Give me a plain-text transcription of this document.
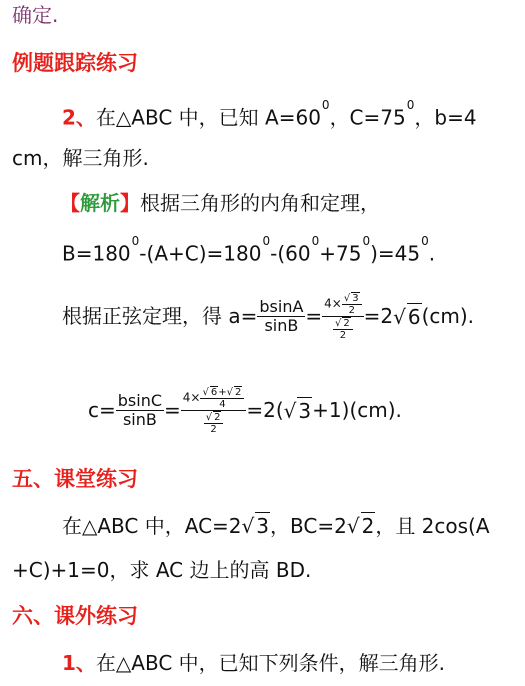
确定.
例题跟踪练习
2、在△ABC 中，已知 $A=60^0$，$C=75^0$，b=4
cm，解三角形.
【解析】根据三角形的内角和定理，
$B=180^0-(A+C)=180^0-(60^0+75^0)=45^0$.
根据正弦定理，得 $a= \frac{bsinA}{\sin B} = \frac{4\times \frac{√ 3}{2}}{\frac{√ 2}{2}} =2$ √ 6 (cm).
$c= \frac{bsinC}{\sin B} = \frac{4\times \frac{√ 6+√ 2}{4}}{\frac{√ 2}{2}} =2$( √ 3 +1)(cm).
五、课堂练习
在△ABC 中，AC=2√ 3，BC=2√ 2，且 2cos(A
+C)+1=0，求 AC 边上的高 BD.
六、课外练习
1、在△ABC 中，已知下列条件，解三角形.
